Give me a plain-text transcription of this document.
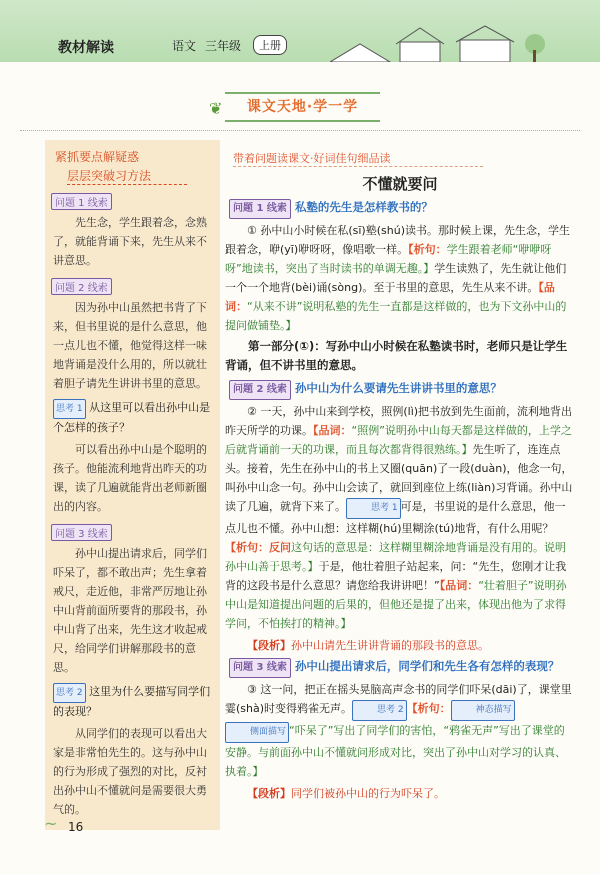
教材解读	语文 三年级	上册
❦ 课文天地·学一学
紧抓要点解疑惑
层层突破习方法
问题 1 线索
先生念，学生跟着念，念熟了，就能背诵下来，先生从来不讲意思。
问题 2 线索
因为孙中山虽然把书背了下来，但书里说的是什么意思，他一点儿也不懂，他觉得这样一味地背诵是没什么用的，所以就壮着胆子请先生讲讲书里的意思。
思考 1 从这里可以看出孙中山是个怎样的孩子？
可以看出孙中山是个聪明的孩子。他能流利地背出昨天的功课，读了几遍就能背出老师新圈出的内容。
问题 3 线索
孙中山提出请求后，同学们吓呆了，都不敢出声；先生拿着戒尺，走近他，非常严厉地让孙中山背前面所要背的那段书，孙中山背了出来，先生这才收起戒尺，给同学们讲解那段书的意思。
思考 2 这里为什么要描写同学们的表现？
从同学们的表现可以看出大家是非常怕先生的。这与孙中山的行为形成了强烈的对比，反衬出孙中山不懂就问是需要很大勇气的。
带着问题读课文·好词佳句细品读
不懂就要问
问题 1 线索 私塾的先生是怎样教书的？

① 孙中山小时候在私(sī)塾(shú)读书。那时候上课，先生念，学生跟着念，咿(yī)咿呀呀，像唱歌一样。【析句：学生跟着老师“咿咿呀呀”地读书，突出了当时读书的单调无趣。】学生读熟了，先生就让他们一个一个地背(bèi)诵(sòng)。至于书里的意思，先生从来不讲。【品词：“从来不讲”说明私塾的先生一直都是这样做的，也为下文孙中山的提问做铺垫。】

第一部分(①)：写孙中山小时候在私塾读书时，老师只是让学生背诵，但不讲书里的意思。

问题 2 线索 孙中山为什么要请先生讲讲书里的意思？

② 一天，孙中山来到学校，照例(lì)把书放到先生面前，流利地背出昨天所学的功课。【品词：“照例”说明孙中山每天都是这样做的，上学之后就背诵前一天的功课，而且每次都背得很熟练。】先生听了，连连点头。接着，先生在孙中山的书上又圈(quān)了一段(duàn)，他念一句，叫孙中山念一句。孙中山会读了，就回到座位上练(liàn)习背诵。孙中山读了几遍，就背下来了。	思考 1 可是，书里说的是什么意思，他一点儿也不懂。孙中山想：这样糊(hú)里糊涂(tú)地背，有什么用呢？【析句：反问这句话的意思是：这样糊里糊涂地背诵是没有用的。说明孙中山善于思考。】于是，他壮着胆子站起来，问：“先生，您刚才让我背的这段书是什么意思？请您给我讲讲吧！”【品词：“壮着胆子”说明孙中山是知道提出问题的后果的，但他还是提了出来，体现出他为了求得学问，不怕挨打的精神。】

【段析】孙中山请先生讲讲背诵的那段书的意思。
问题 3 线索 孙中山提出请求后，同学们和先生各有怎样的表现？

③ 这一问，把正在摇头晃脑高声念书的同学们吓呆(dāi)了，课堂里霎(shà)时变得鸦雀无声。	思考 2 【析句：	神态描写侧面描写 “吓呆了”写出了同学们的害怕，“鸦雀无声”写出了课堂的安静。与前面孙中山不懂就问形成对比，突出了孙中山对学习的认真、执着。】

【段析】同学们被孙中山的行为吓呆了。
~ 16
